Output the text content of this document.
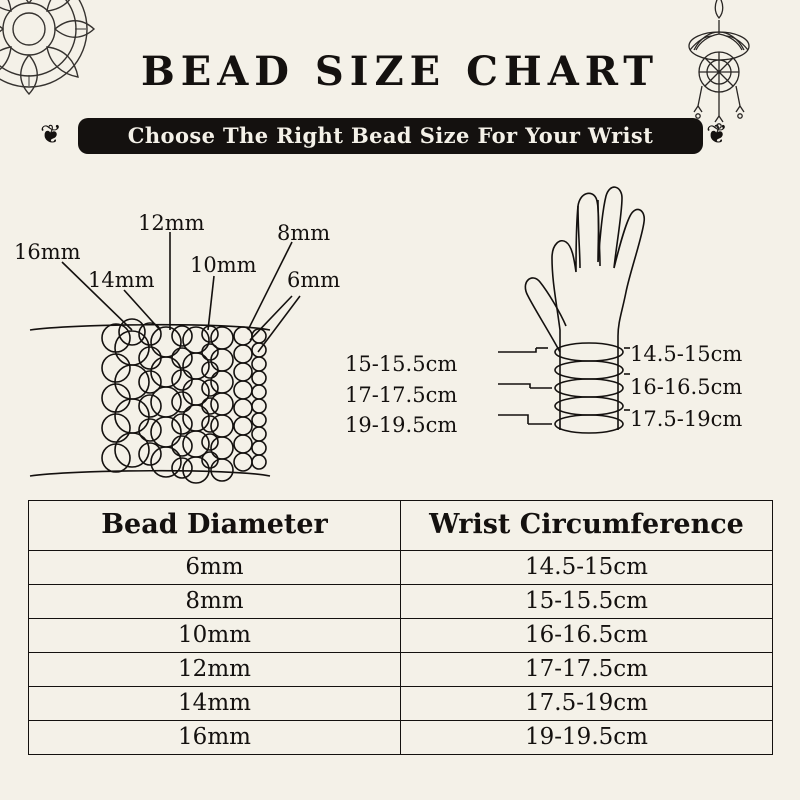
BEAD SIZE CHART
❦	❦
Choose The Right Bead Size For Your Wrist
16mm
14mm
12mm
10mm
8mm
6mm
15-15.5cm
17-17.5cm
19-19.5cm
14.5-15cm
16-16.5cm
17.5-19cm
Bead Diameter	Wrist Circumference
6mm	14.5-15cm
8mm	15-15.5cm
10mm	16-16.5cm
12mm	17-17.5cm
14mm	17.5-19cm
16mm	19-19.5cm
